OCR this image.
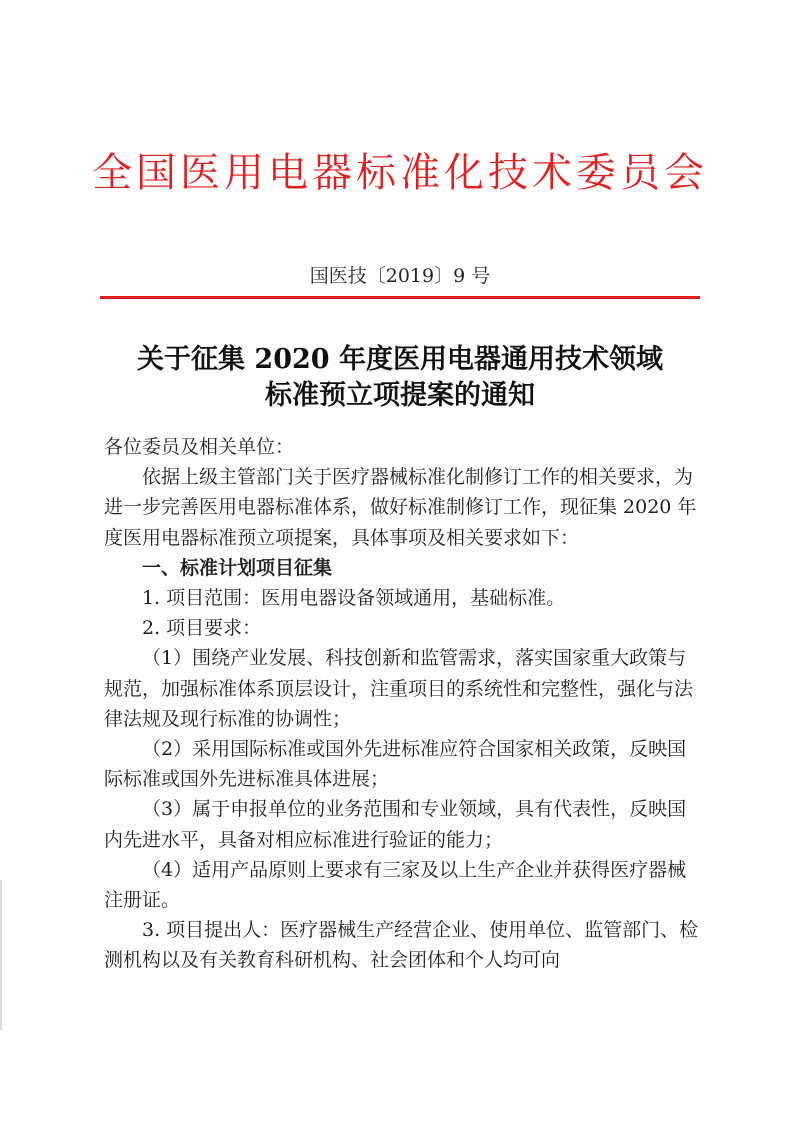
全国医用电器标准化技术委员会
国医技〔2019〕9 号
关于征集 2020 年度医用电器通用技术领域
标准预立项提案的通知

各位委员及相关单位：

依据上级主管部门关于医疗器械标准化制修订工作的相关要求，为进一步完善医用电器标准体系，做好标准制修订工作，现征集 2020 年度医用电器标准预立项提案，具体事项及相关要求如下：

一、标准计划项目征集

1. 项目范围：医用电器设备领域通用，基础标准。

2. 项目要求：

（1）围绕产业发展、科技创新和监管需求，落实国家重大政策与规范，加强标准体系顶层设计，注重项目的系统性和完整性，强化与法律法规及现行标准的协调性；

（2）采用国际标准或国外先进标准应符合国家相关政策，反映国际标准或国外先进标准具体进展；

（3）属于申报单位的业务范围和专业领域，具有代表性，反映国内先进水平，具备对相应标准进行验证的能力；

（4）适用产品原则上要求有三家及以上生产企业并获得医疗器械注册证。

3. 项目提出人：医疗器械生产经营企业、使用单位、监管部门、检测机构以及有关教育科研机构、社会团体和个人均可向
